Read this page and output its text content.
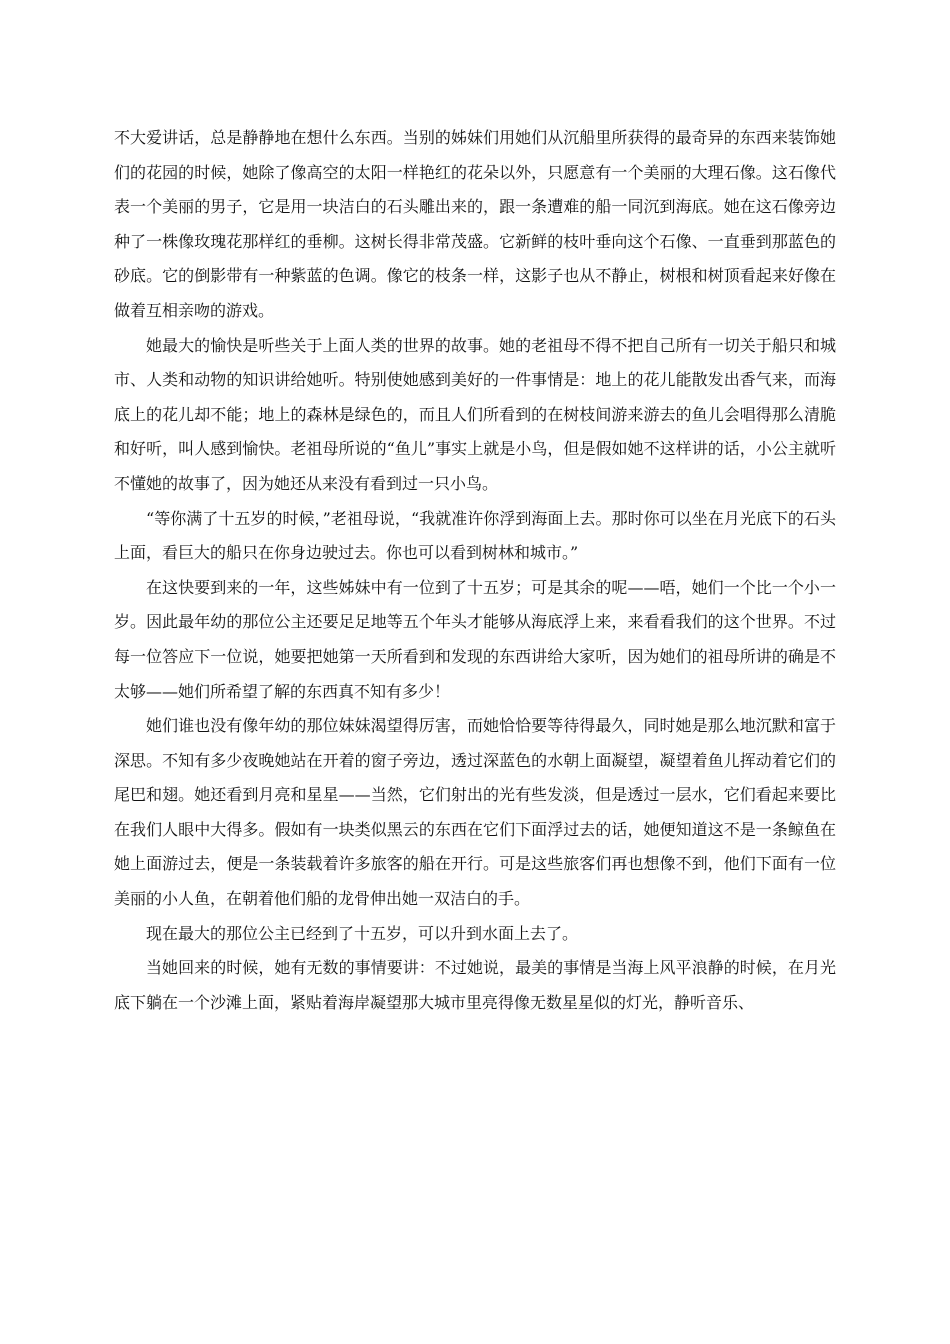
不大爱讲话，总是静静地在想什么东西。当别的姊妹们用她们从沉船里所获得的最奇异的东西来装饰她们的花园的时候，她除了像高空的太阳一样艳红的花朵以外，只愿意有一个美丽的大理石像。这石像代表一个美丽的男子，它是用一块洁白的石头雕出来的，跟一条遭难的船一同沉到海底。她在这石像旁边种了一株像玫瑰花那样红的垂柳。这树长得非常茂盛。它新鲜的枝叶垂向这个石像、一直垂到那蓝色的砂底。它的倒影带有一种紫蓝的色调。像它的枝条一样，这影子也从不静止，树根和树顶看起来好像在做着互相亲吻的游戏。

她最大的愉快是听些关于上面人类的世界的故事。她的老祖母不得不把自己所有一切关于船只和城市、人类和动物的知识讲给她听。特别使她感到美好的一件事情是：地上的花儿能散发出香气来，而海底上的花儿却不能；地上的森林是绿色的，而且人们所看到的在树枝间游来游去的鱼儿会唱得那么清脆和好听，叫人感到愉快。老祖母所说的“鱼儿”事实上就是小鸟，但是假如她不这样讲的话，小公主就听不懂她的故事了，因为她还从来没有看到过一只小鸟。

“等你满了十五岁的时候，”老祖母说，“我就准许你浮到海面上去。那时你可以坐在月光底下的石头上面，看巨大的船只在你身边驶过去。你也可以看到树林和城市。”

在这快要到来的一年，这些姊妹中有一位到了十五岁；可是其余的呢——唔，她们一个比一个小一岁。因此最年幼的那位公主还要足足地等五个年头才能够从海底浮上来，来看看我们的这个世界。不过每一位答应下一位说，她要把她第一天所看到和发现的东西讲给大家听，因为她们的祖母所讲的确是不太够——她们所希望了解的东西真不知有多少！

她们谁也没有像年幼的那位妹妹渴望得厉害，而她恰恰要等待得最久，同时她是那么地沉默和富于深思。不知有多少夜晚她站在开着的窗子旁边，透过深蓝色的水朝上面凝望，凝望着鱼儿挥动着它们的尾巴和翅。她还看到月亮和星星——当然，它们射出的光有些发淡，但是透过一层水，它们看起来要比在我们人眼中大得多。假如有一块类似黑云的东西在它们下面浮过去的话，她便知道这不是一条鲸鱼在她上面游过去，便是一条装载着许多旅客的船在开行。可是这些旅客们再也想像不到，他们下面有一位美丽的小人鱼，在朝着他们船的龙骨伸出她一双洁白的手。

现在最大的那位公主已经到了十五岁，可以升到水面上去了。

当她回来的时候，她有无数的事情要讲：不过她说，最美的事情是当海上风平浪静的时候，在月光底下躺在一个沙滩上面，紧贴着海岸凝望那大城市里亮得像无数星星似的灯光，静听音乐、
